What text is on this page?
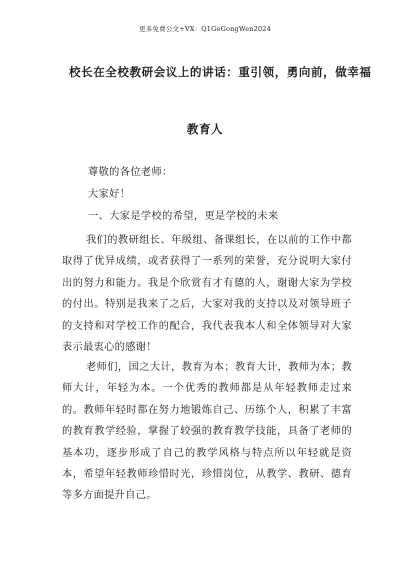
更多免费公文+VX：Q1GeGongWen2024
校长在全校教研会议上的讲话：重引领，勇向前，做幸福
教育人
尊敬的各位老师：
大家好！
一、大家是学校的希望，更是学校的未来
我们的教研组长、年级组、备课组长，在以前的工作中都取得了优异成绩，或者获得了一系列的荣誉，充分说明大家付出的努力和能力。我是个欣赏有才有德的人，谢谢大家为学校的付出。特别是我来了之后，大家对我的支持以及对领导班子的支持和对学校工作的配合，我代表我本人和全体领导对大家表示最衷心的感谢！
老师们，国之大计，教育为本；教育大计，教师为本；教师大计，年轻为本。一个优秀的教师都是从年轻教师走过来的。教师年轻时都在努力地锻炼自己、历练个人，积累了丰富的教育教学经验，掌握了较强的教育教学技能，具备了老师的基本功，逐步形成了自己的教学风格与特点所以年轻就是资本，希望年轻教师珍惜时光，珍惜岗位，从教学、教研、德育等多方面提升自己。
